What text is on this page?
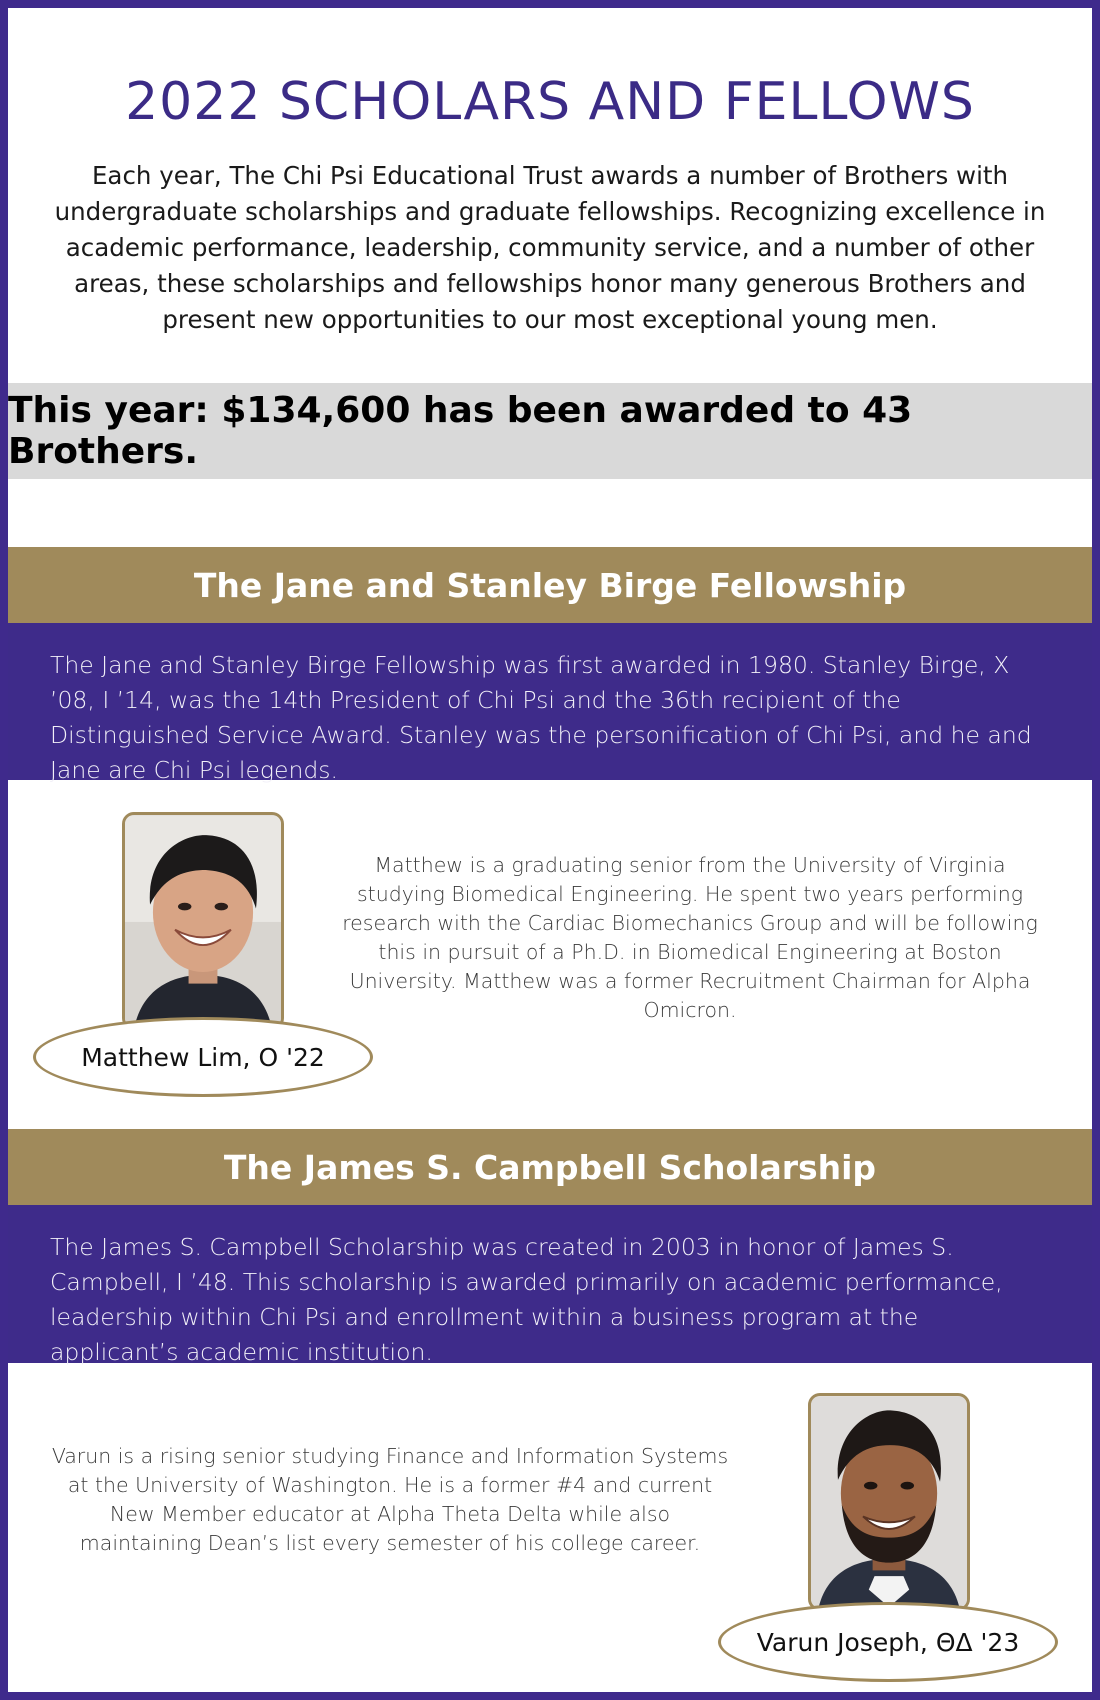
2022 SCHOLARS AND FELLOWS

Each year, The Chi Psi Educational Trust awards a number of Brothers with undergraduate scholarships and graduate fellowships. Recognizing excellence in academic performance, leadership, community service, and a number of other areas, these scholarships and fellowships honor many generous Brothers and present new opportunities to our most exceptional young men.

This year: $134,600 has been awarded to 43 Brothers.
The Jane and Stanley Birge Fellowship

The Jane and Stanley Birge Fellowship was first awarded in 1980. Stanley Birge, X ’08, I ’14, was the 14th President of Chi Psi and the 36th recipient of the Distinguished Service Award. Stanley was the personification of Chi Psi, and he and Jane are Chi Psi legends.

Matthew Lim, O '22

Matthew is a graduating senior from the University of Virginia studying Biomedical Engineering. He spent two years performing research with the Cardiac Biomechanics Group and will be following this in pursuit of a Ph.D. in Biomedical Engineering at Boston University. Matthew was a former Recruitment Chairman for Alpha Omicron.

The James S. Campbell Scholarship

The James S. Campbell Scholarship was created in 2003 in honor of James S. Campbell, I ’48. This scholarship is awarded primarily on academic performance, leadership within Chi Psi and enrollment within a business program at the applicant’s academic institution.

Varun is a rising senior studying Finance and Information Systems at the University of Washington. He is a former #4 and current New Member educator at Alpha Theta Delta while also maintaining Dean’s list every semester of his college career.

Varun Joseph, ΘΔ '23
